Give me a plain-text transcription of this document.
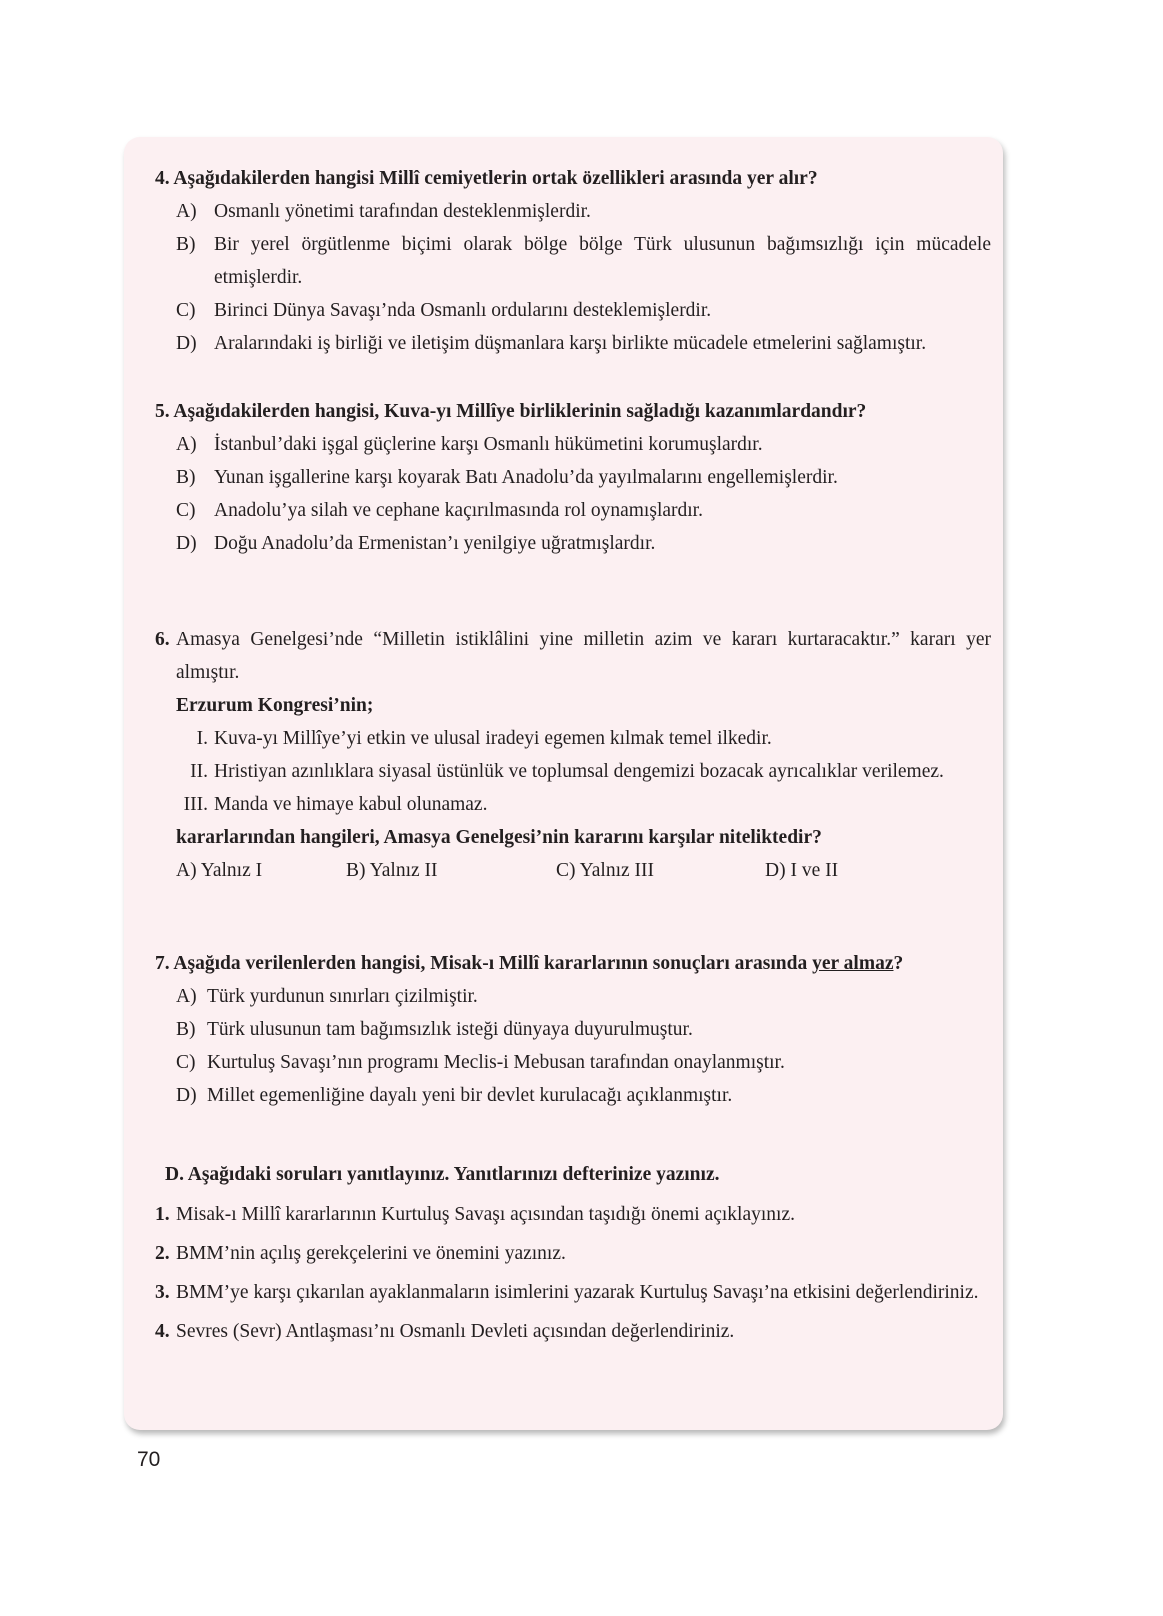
4. Aşağıdakilerden hangisi Millî cemiyetlerin ortak özellikleri arasında yer alır?
A) Osmanlı yönetimi tarafından desteklenmişlerdir.
B) Bir yerel örgütlenme biçimi olarak bölge bölge Türk ulusunun bağımsızlığı için mücadele etmişlerdir.
C) Birinci Dünya Savaşı’nda Osmanlı ordularını desteklemişlerdir.
D) Aralarındaki iş birliği ve iletişim düşmanlara karşı birlikte mücadele etmelerini sağlamıştır.
5. Aşağıdakilerden hangisi, Kuva-yı Millîye birliklerinin sağladığı kazanımlardandır?
A) İstanbul’daki işgal güçlerine karşı Osmanlı hükümetini korumuşlardır.
B) Yunan işgallerine karşı koyarak Batı Anadolu’da yayılmalarını engellemişlerdir.
C) Anadolu’ya silah ve cephane kaçırılmasında rol oynamışlardır.
D) Doğu Anadolu’da Ermenistan’ı yenilgiye uğratmışlardır.
6. Amasya Genelgesi’nde “Milletin istiklâlini yine milletin azim ve kararı kurtaracaktır.” kararı yer almıştır.
Erzurum Kongresi’nin;
I. Kuva-yı Millîye’yi etkin ve ulusal iradeyi egemen kılmak temel ilkedir.
II. Hristiyan azınlıklara siyasal üstünlük ve toplumsal dengemizi bozacak ayrıcalıklar verilemez.
III. Manda ve himaye kabul olunamaz.
kararlarından hangileri, Amasya Genelgesi’nin kararını karşılar niteliktedir?
A) Yalnız I	B) Yalnız II	C) Yalnız III	D) I ve II
7. Aşağıda verilenlerden hangisi, Misak-ı Millî kararlarının sonuçları arasında yer almaz?
A) Türk yurdunun sınırları çizilmiştir.
B) Türk ulusunun tam bağımsızlık isteği dünyaya duyurulmuştur.
C) Kurtuluş Savaşı’nın programı Meclis-i Mebusan tarafından onaylanmıştır.
D) Millet egemenliğine dayalı yeni bir devlet kurulacağı açıklanmıştır.
D. Aşağıdaki soruları yanıtlayınız. Yanıtlarınızı defterinize yazınız.
1. Misak-ı Millî kararlarının Kurtuluş Savaşı açısından taşıdığı önemi açıklayınız.
2. BMM’nin açılış gerekçelerini ve önemini yazınız.
3. BMM’ye karşı çıkarılan ayaklanmaların isimlerini yazarak Kurtuluş Savaşı’na etkisini değerlendiriniz.
4. Sevres (Sevr) Antlaşması’nı Osmanlı Devleti açısından değerlendiriniz.
70
